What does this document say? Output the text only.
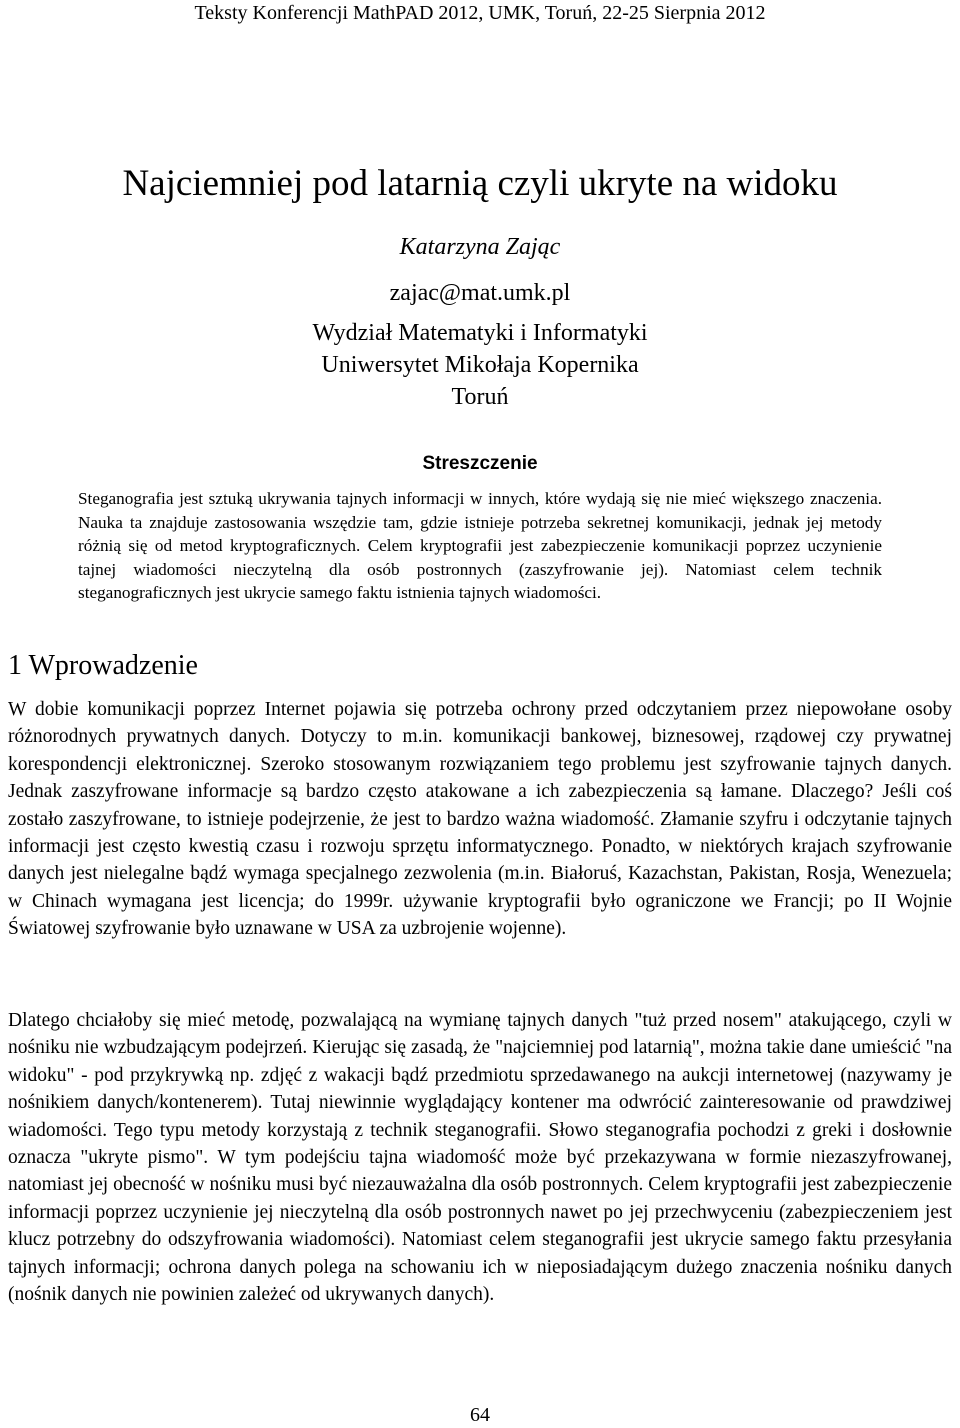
Teksty Konferencji MathPAD 2012, UMK, Toruń, 22-25 Sierpnia 2012
Najciemniej pod latarnią czyli ukryte na widoku
Katarzyna Zając
zajac@mat.umk.pl
Wydział Matematyki i Informatyki
Uniwersytet Mikołaja Kopernika
Toruń
Streszczenie

Steganografia jest sztuką ukrywania tajnych informacji w innych, które wydają się nie mieć większego znaczenia. Nauka ta znajduje zastosowania wszędzie tam, gdzie istnieje potrzeba sekretnej komunikacji, jednak jej metody różnią się od metod kryptograficznych. Celem kryptografii jest zabezpieczenie komunikacji poprzez uczynienie tajnej wiadomości nieczytelną dla osób postronnych (zaszyfrowanie jej). Natomiast celem technik steganograficznych jest ukrycie samego faktu istnienia tajnych wiadomości.

1 Wprowadzenie

W dobie komunikacji poprzez Internet pojawia się potrzeba ochrony przed odczytaniem przez niepowołane osoby różnorodnych prywatnych danych. Dotyczy to m.in. komunikacji bankowej, biznesowej, rządowej czy prywatnej korespondencji elektronicznej. Szeroko stosowanym rozwiązaniem tego problemu jest szyfrowanie tajnych danych. Jednak zaszyfrowane informacje są bardzo często atakowane a ich zabezpieczenia są łamane. Dlaczego? Jeśli coś zostało zaszyfrowane, to istnieje podejrzenie, że jest to bardzo ważna wiadomość. Złamanie szyfru i odczytanie tajnych informacji jest często kwestią czasu i rozwoju sprzętu informatycznego. Ponadto, w niektórych krajach szyfrowanie danych jest nielegalne bądź wymaga specjalnego zezwolenia (m.in. Białoruś, Kazachstan, Pakistan, Rosja, Wenezuela; w Chinach wymagana jest licencja; do 1999r. używanie kryptografii było ograniczone we Francji; po II Wojnie Światowej szyfrowanie było uznawane w USA za uzbrojenie wojenne).

Dlatego chciałoby się mieć metodę, pozwalającą na wymianę tajnych danych "tuż przed nosem" atakującego, czyli w nośniku nie wzbudzającym podejrzeń. Kierując się zasadą, że "najciemniej pod latarnią", można takie dane umieścić "na widoku" - pod przykrywką np. zdjęć z wakacji bądź przedmiotu sprzedawanego na aukcji internetowej (nazywamy je nośnikiem danych/kontenerem). Tutaj niewinnie wyglądający kontener ma odwrócić zainteresowanie od prawdziwej wiadomości. Tego typu metody korzystają z technik steganografii. Słowo steganografia pochodzi z greki i dosłownie oznacza "ukryte pismo". W tym podejściu tajna wiadomość może być przekazywana w formie niezaszyfrowanej, natomiast jej obecność w nośniku musi być niezauważalna dla osób postronnych. Celem kryptografii jest zabezpieczenie informacji poprzez uczynienie jej nieczytelną dla osób postronnych nawet po jej przechwyceniu (zabezpieczeniem jest klucz potrzebny do odszyfrowania wiadomości). Natomiast celem steganografii jest ukrycie samego faktu przesyłania tajnych informacji; ochrona danych polega na schowaniu ich w nieposiadającym dużego znaczenia nośniku danych (nośnik danych nie powinien zależeć od ukrywanych danych).

64
